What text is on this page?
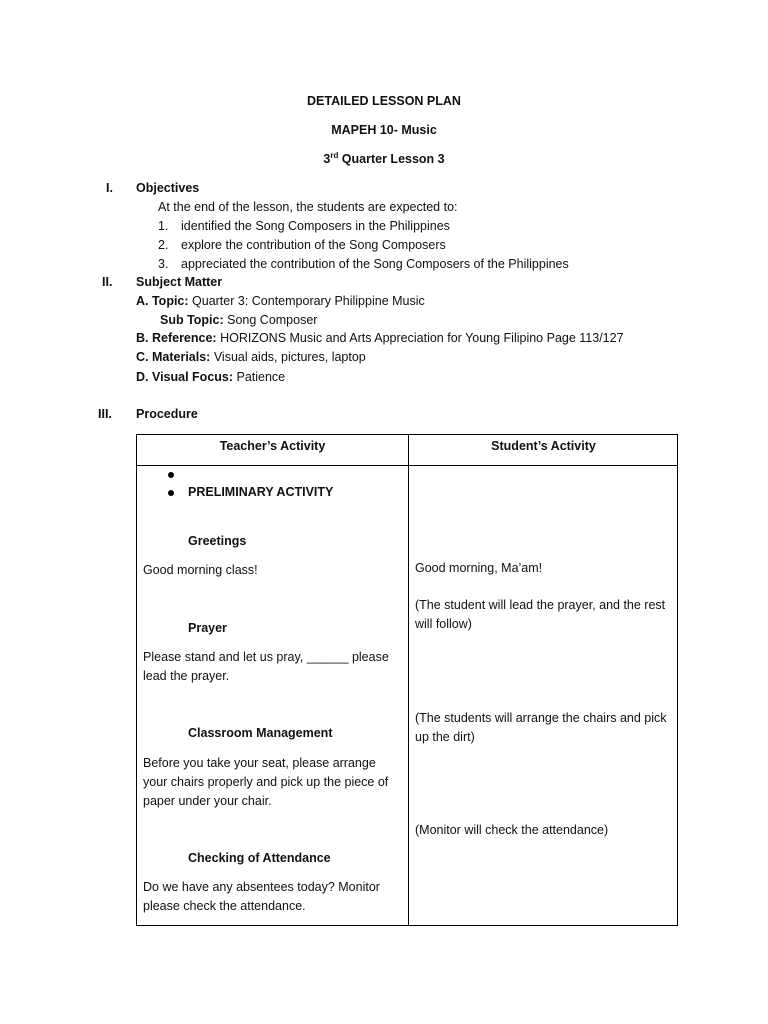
DETAILED LESSON PLAN
MAPEH 10- Music
3rd Quarter Lesson 3
I. Objectives
At the end of the lesson, the students are expected to:
1. identified the Song Composers in the Philippines
2. explore the contribution of the Song Composers
3. appreciated the contribution of the Song Composers of the Philippines
II. Subject Matter
A. Topic: Quarter 3: Contemporary Philippine Music
Sub Topic: Song Composer
B. Reference: HORIZONS Music and Arts Appreciation for Young Filipino Page 113/127
C. Materials: Visual aids, pictures, laptop
D. Visual Focus: Patience
III. Procedure
Teacher’s Activity	Student’s Activity
PRELIMINARY ACTIVITY
Greetings
Good morning class!	Good morning, Ma’am!
(The student will lead the prayer, and the rest will follow)
Prayer
Please stand and let us pray, ______ please lead the prayer.
(The students will arrange the chairs and pick up the dirt)
Classroom Management
Before you take your seat, please arrange your chairs properly and pick up the piece of paper under your chair.
(Monitor will check the attendance)
Checking of Attendance
Do we have any absentees today? Monitor please check the attendance.
